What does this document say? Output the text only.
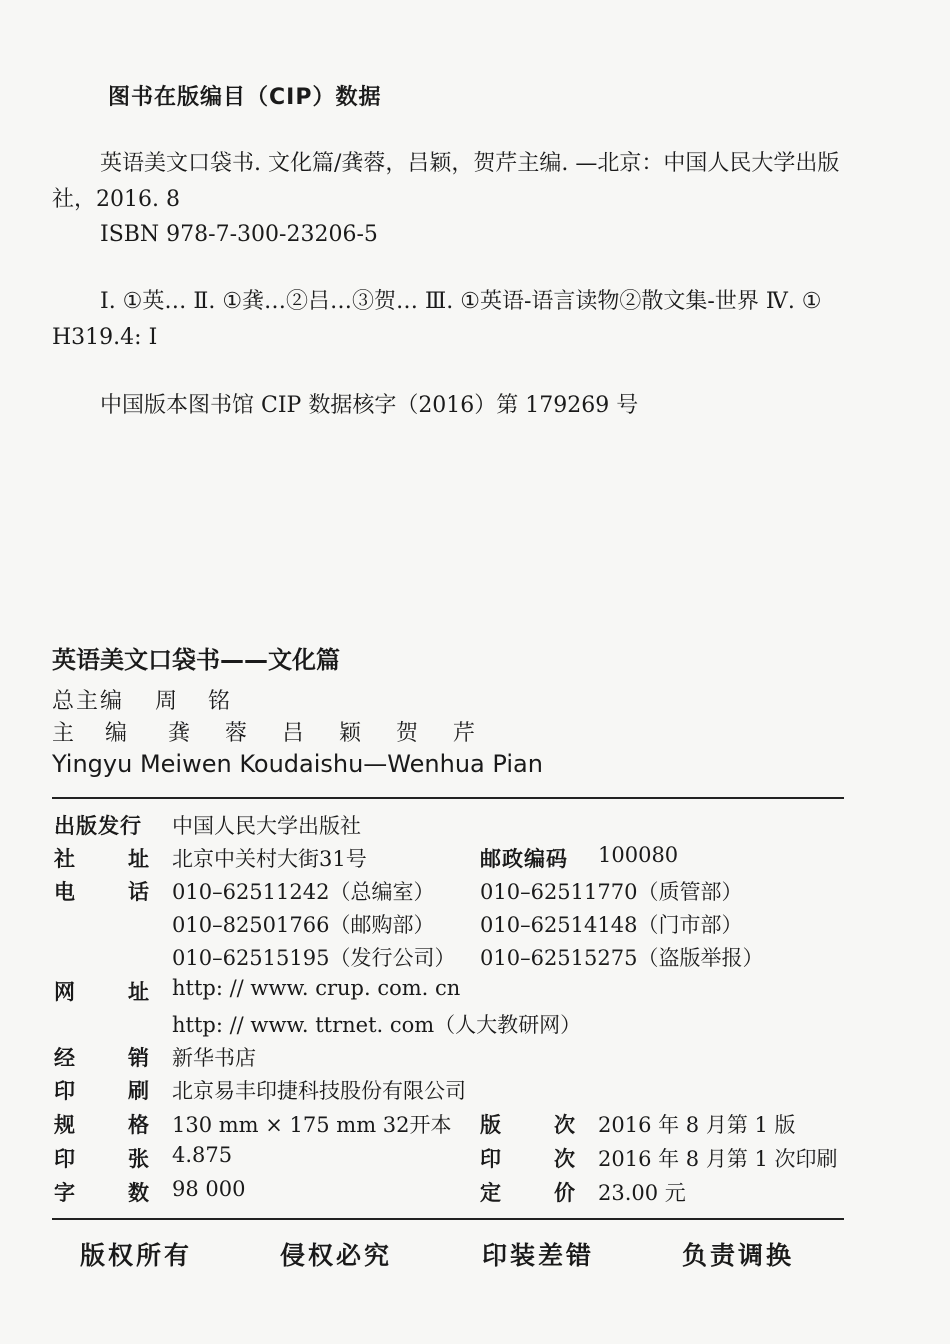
图书在版编目（CIP）数据
英语美文口袋书. 文化篇/龚蓉，吕颖，贺芹主编. —北京：中国人民大学出版社，2016. 8
ISBN 978-7-300-23206-5
Ⅰ. ①英… Ⅱ. ①龚…②吕…③贺… Ⅲ. ①英语-语言读物②散文集-世界 Ⅳ. ① H319.4: Ⅰ
中国版本图书馆 CIP 数据核字（2016）第 179269 号
英语美文口袋书——文化篇
总主编 周 铭
主 编 龚 蓉 吕 颖 贺 芹
Yingyu Meiwen Koudaishu—Wenhua Pian
出版发行 中国人民大学出版社
社	址 北京中关村大街31号	邮政编码 100080
电	话 010–62511242（总编室） 010–62511770（质管部）
010–82501766（邮购部） 010–62514148（门市部）
010–62515195（发行公司） 010–62515275（盗版举报）
网	址 http: // www. crup. com. cn
http: // www. ttrnet. com（人大教研网）
经	销 新华书店
印	刷 北京易丰印捷科技股份有限公司
规	格 130 mm × 175 mm 32开本 版	次 2016 年 8 月第 1 版
印	张 4.875	印	次 2016 年 8 月第 1 次印刷
字	数 98 000	定	价 23.00 元
版权所有	侵权必究	印装差错	负责调换
